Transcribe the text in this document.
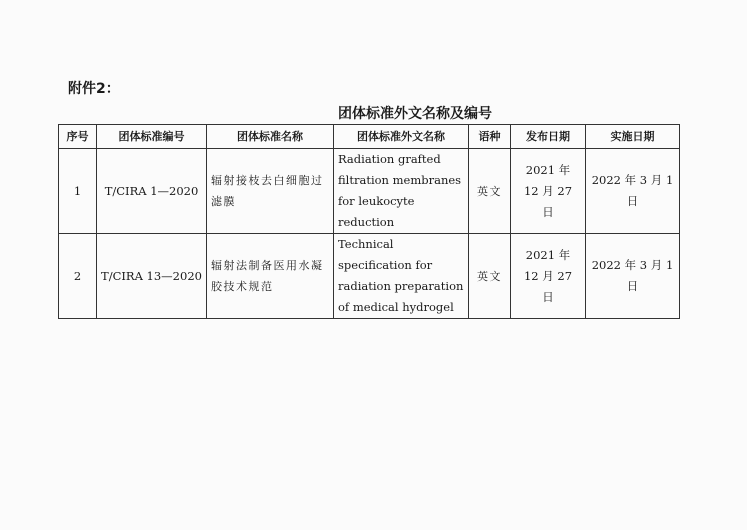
附件2：
团体标准外文名称及编号
序号	团体标准编号	团体标准名称	团体标准外文名称	语种	发布日期	实施日期
1	T/CIRA 1—2020	辐射接枝去白细胞过滤膜	Radiation grafted filtration membranes for leukocyte reduction	英文	2021 年 12 月 27 日	2022 年 3 月 1 日
2	T/CIRA 13—2020	辐射法制备医用水凝胶技术规范	Technical specification for radiation preparation of medical hydrogel	英文	2021 年 12 月 27 日	2022 年 3 月 1 日
